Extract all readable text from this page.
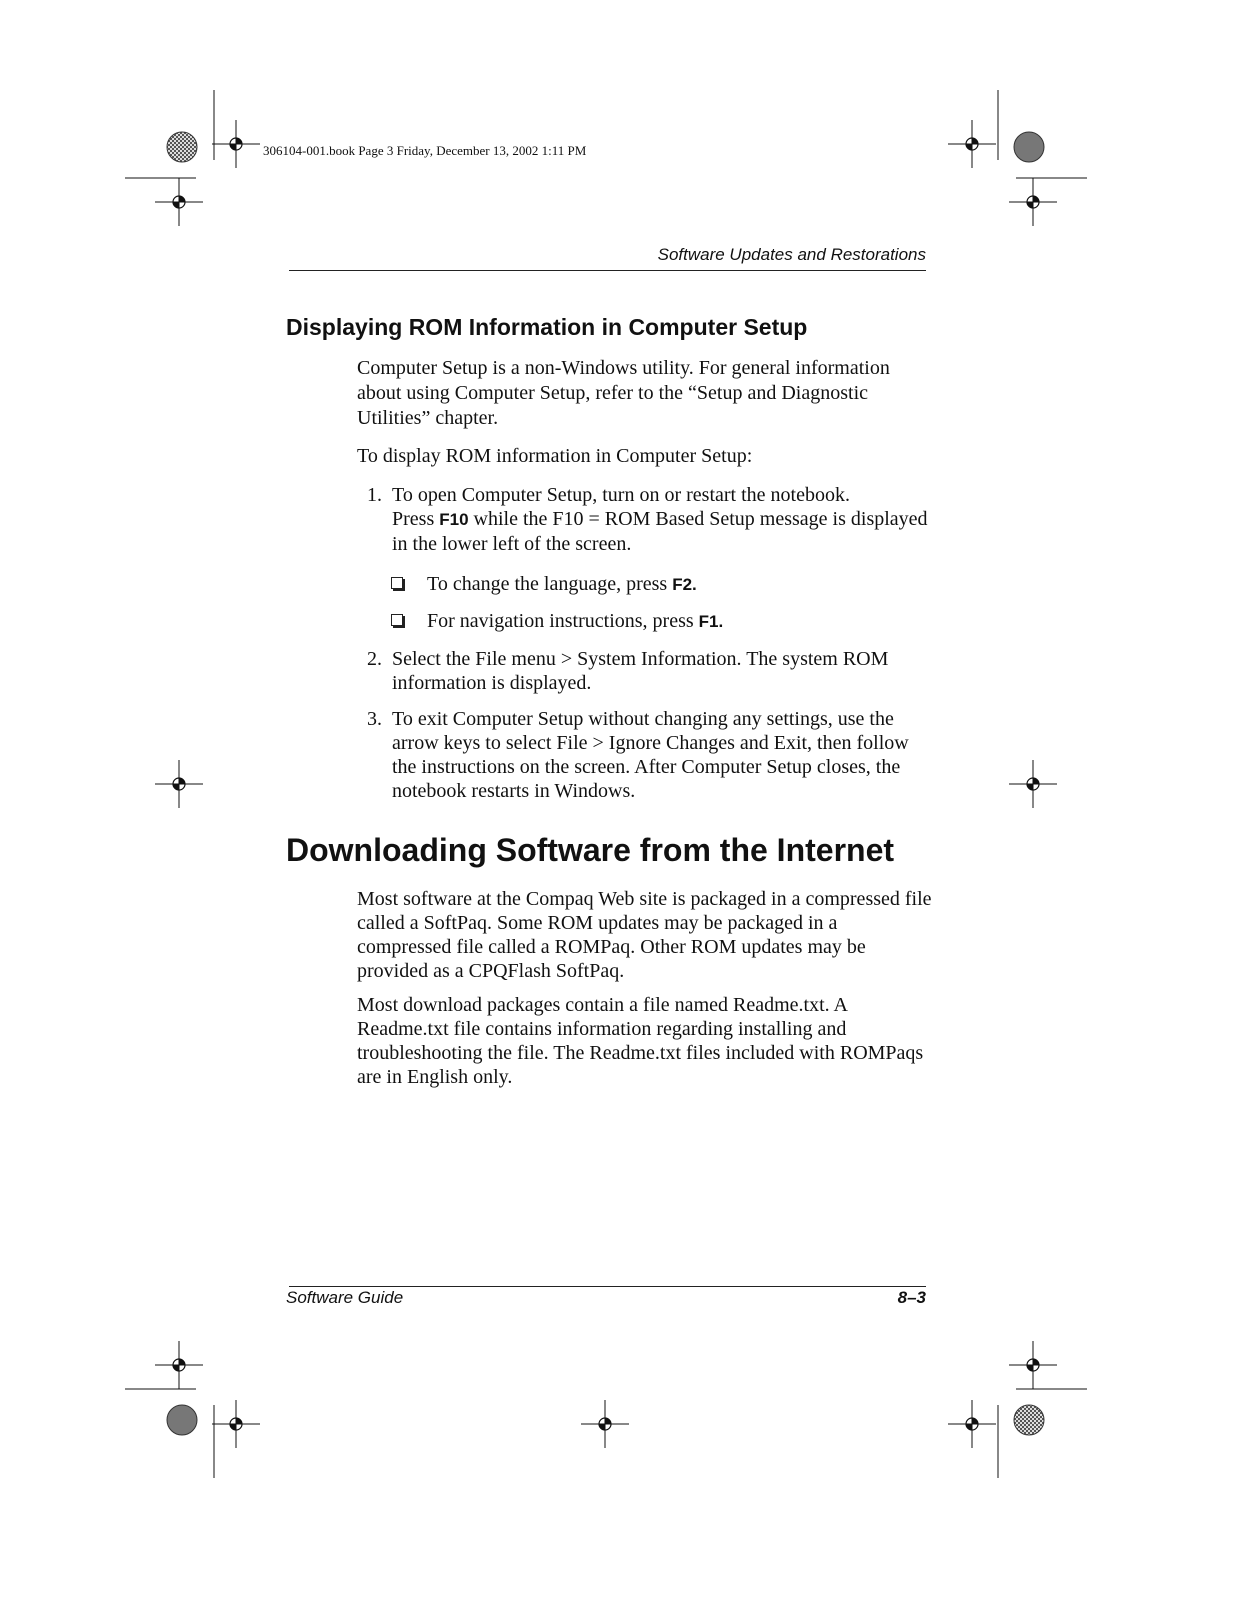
306104-001.book Page 3 Friday, December 13, 2002 1:11 PM
Software Updates and Restorations
Displaying ROM Information in Computer Setup

Computer Setup is a non-Windows utility. For general information about using Computer Setup, refer to the “Setup and Diagnostic Utilities” chapter.

To display ROM information in Computer Setup:

1. To open Computer Setup, turn on or restart the notebook.
Press F10 while the F10 = ROM Based Setup message is displayed in the lower left of the screen.
To change the language, press F2.
For navigation instructions, press F1.
2. Select the File menu > System Information. The system ROM information is displayed.
3. To exit Computer Setup without changing any settings, use the arrow keys to select File > Ignore Changes and Exit, then follow the instructions on the screen. After Computer Setup closes, the notebook restarts in Windows.
Downloading Software from the Internet

Most software at the Compaq Web site is packaged in a compressed file called a SoftPaq. Some ROM updates may be packaged in a compressed file called a ROMPaq. Other ROM updates may be provided as a CPQFlash SoftPaq.

Most download packages contain a file named Readme.txt. A Readme.txt file contains information regarding installing and troubleshooting the file. The Readme.txt files included with ROMPaqs are in English only.

Software Guide	8–3
